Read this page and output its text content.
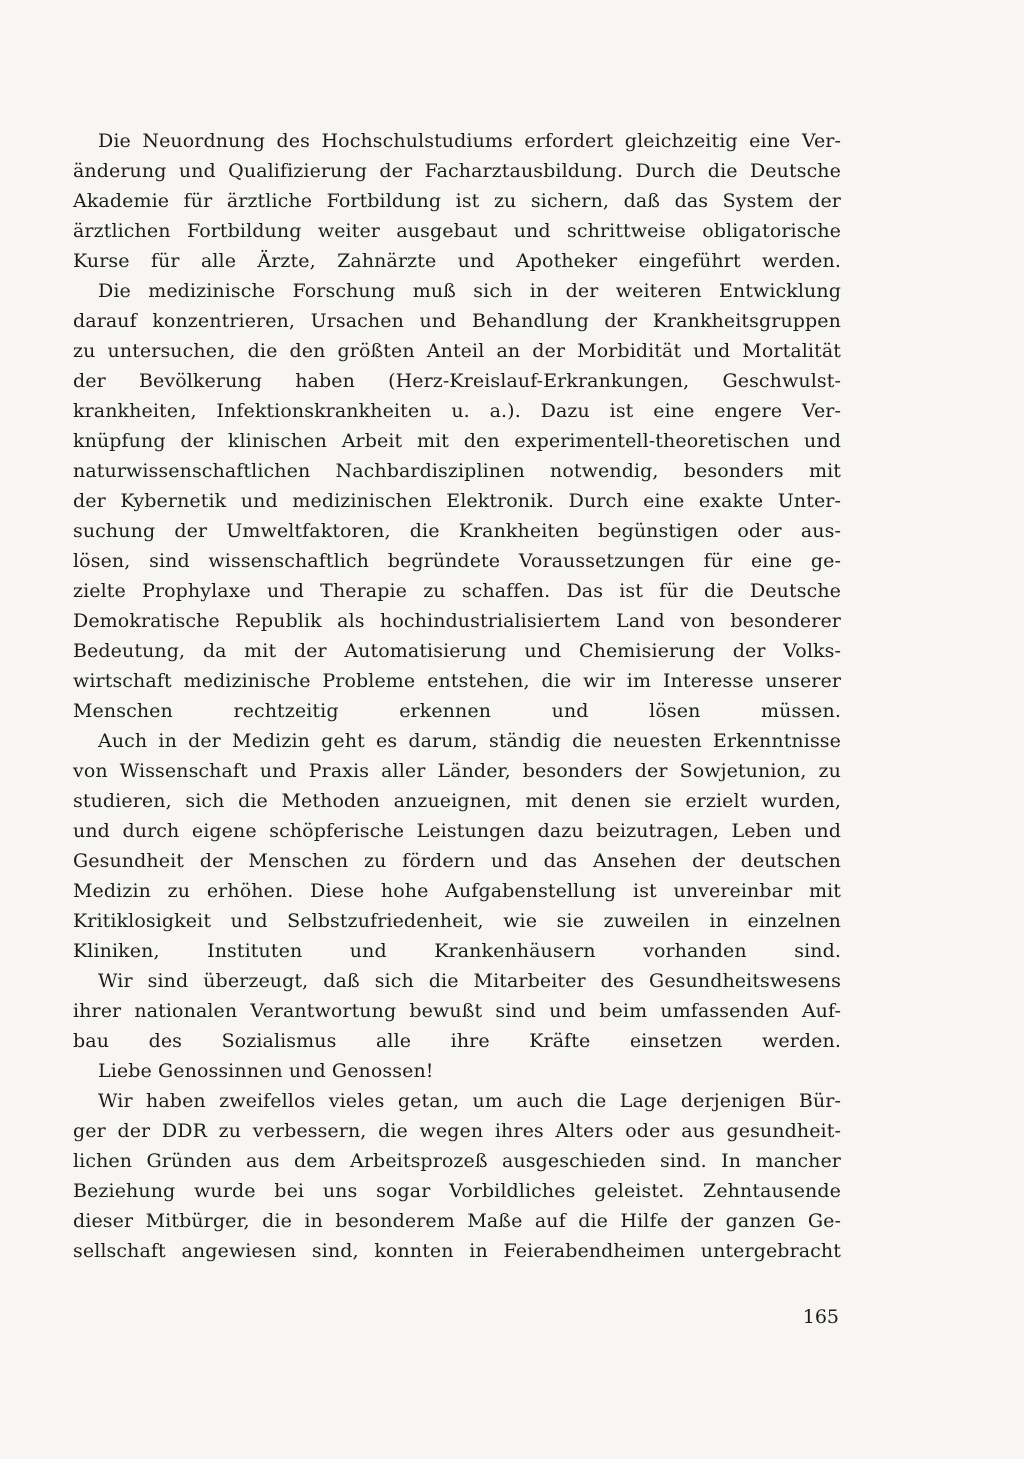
Die Neuordnung des Hochschulstudiums erfordert gleichzeitig eine Ver-
änderung und Qualifizierung der Facharztausbildung. Durch die Deutsche
Akademie für ärztliche Fortbildung ist zu sichern, daß das System der
ärztlichen Fortbildung weiter ausgebaut und schrittweise obligatorische
Kurse für alle Ärzte, Zahnärzte und Apotheker eingeführt werden.
Die medizinische Forschung muß sich in der weiteren Entwicklung
darauf konzentrieren, Ursachen und Behandlung der Krankheitsgruppen
zu untersuchen, die den größten Anteil an der Morbidität und Mortalität
der Bevölkerung haben (Herz-Kreislauf-Erkrankungen, Geschwulst-
krankheiten, Infektionskrankheiten u. a.). Dazu ist eine engere Ver-
knüpfung der klinischen Arbeit mit den experimentell-theoretischen und
naturwissenschaftlichen Nachbardisziplinen notwendig, besonders mit
der Kybernetik und medizinischen Elektronik. Durch eine exakte Unter-
suchung der Umweltfaktoren, die Krankheiten begünstigen oder aus-
lösen, sind wissenschaftlich begründete Voraussetzungen für eine ge-
zielte Prophylaxe und Therapie zu schaffen. Das ist für die Deutsche
Demokratische Republik als hochindustrialisiertem Land von besonderer
Bedeutung, da mit der Automatisierung und Chemisierung der Volks-
wirtschaft medizinische Probleme entstehen, die wir im Interesse unserer
Menschen rechtzeitig erkennen und lösen müssen.
Auch in der Medizin geht es darum, ständig die neuesten Erkenntnisse
von Wissenschaft und Praxis aller Länder, besonders der Sowjetunion, zu
studieren, sich die Methoden anzueignen, mit denen sie erzielt wurden,
und durch eigene schöpferische Leistungen dazu beizutragen, Leben und
Gesundheit der Menschen zu fördern und das Ansehen der deutschen
Medizin zu erhöhen. Diese hohe Aufgabenstellung ist unvereinbar mit
Kritiklosigkeit und Selbstzufriedenheit, wie sie zuweilen in einzelnen
Kliniken, Instituten und Krankenhäusern vorhanden sind.
Wir sind überzeugt, daß sich die Mitarbeiter des Gesundheitswesens
ihrer nationalen Verantwortung bewußt sind und beim umfassenden Auf-
bau des Sozialismus alle ihre Kräfte einsetzen werden.
Liebe Genossinnen und Genossen!
Wir haben zweifellos vieles getan, um auch die Lage derjenigen Bür-
ger der DDR zu verbessern, die wegen ihres Alters oder aus gesundheit-
lichen Gründen aus dem Arbeitsprozeß ausgeschieden sind. In mancher
Beziehung wurde bei uns sogar Vorbildliches geleistet. Zehntausende
dieser Mitbürger, die in besonderem Maße auf die Hilfe der ganzen Ge-
sellschaft angewiesen sind, konnten in Feierabendheimen untergebracht
165
